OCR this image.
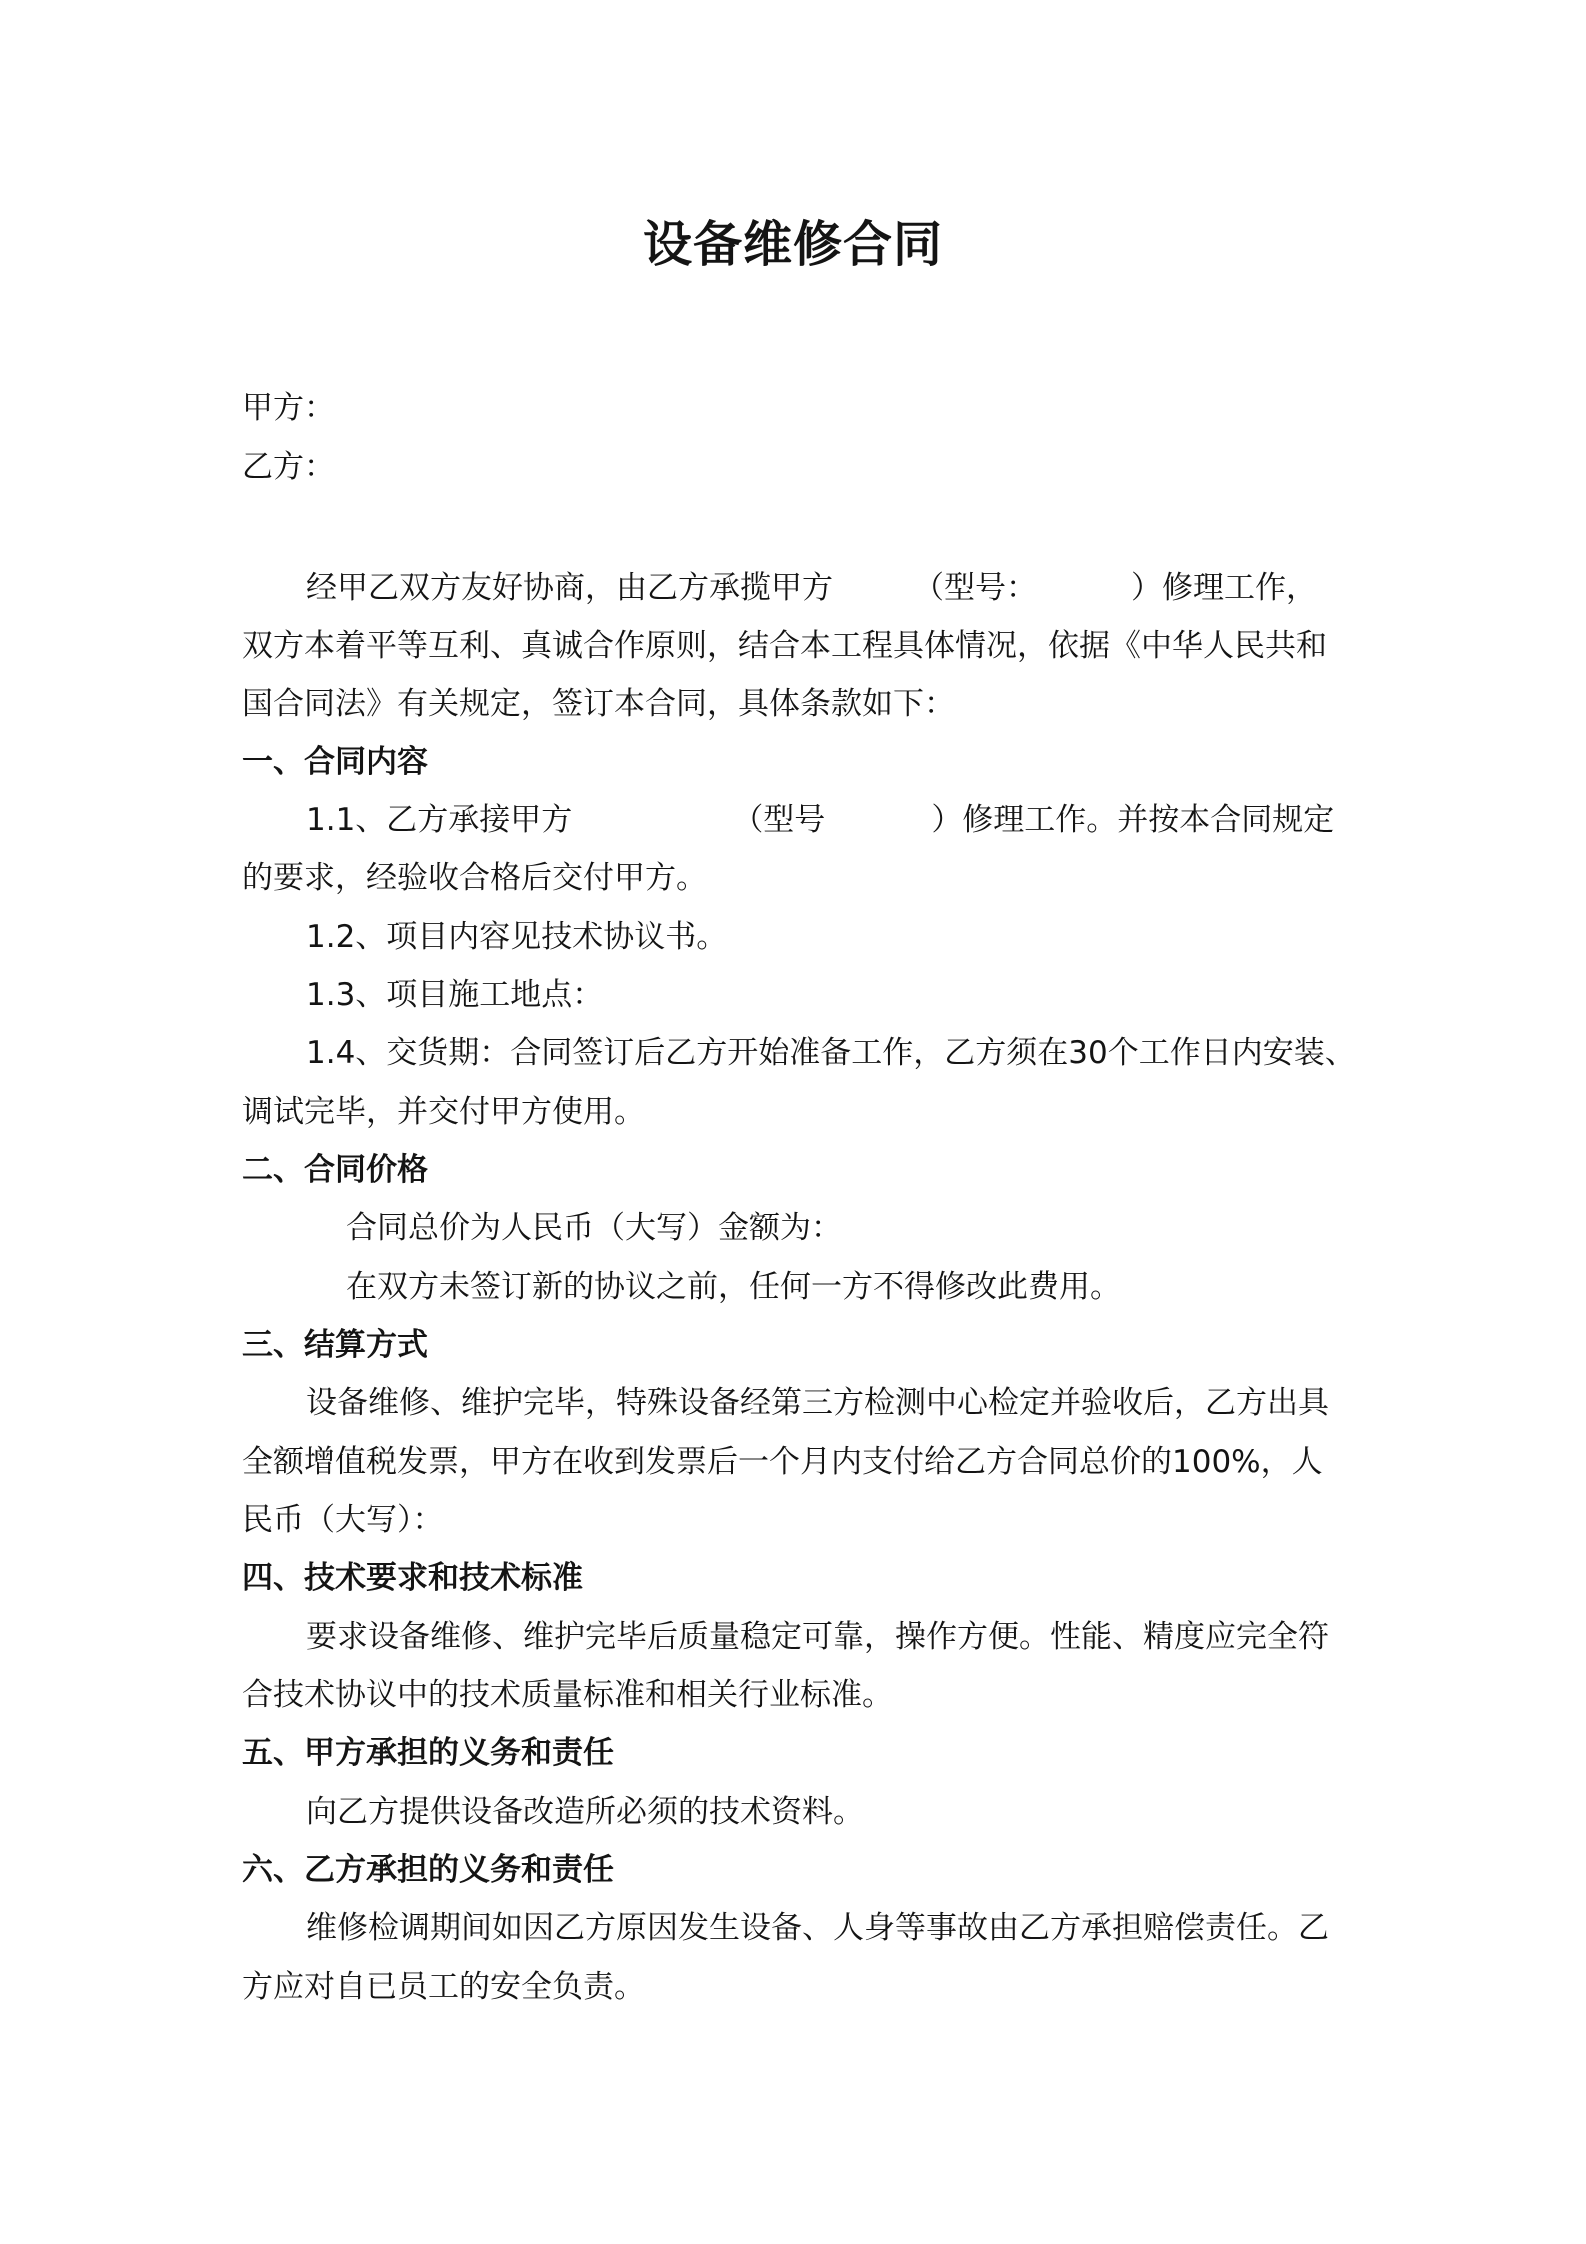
设备维修合同
甲方：
乙方：
经甲乙双方友好协商，由乙方承揽甲方	（型号：	）修理工作，
双方本着平等互利、真诚合作原则，结合本工程具体情况，依据《中华人民共和
国合同法》有关规定，签订本合同，具体条款如下：
一、合同内容
1.1、乙方承接甲方	（型号	）修理工作。并按本合同规定
的要求，经验收合格后交付甲方。
1.2、项目内容见技术协议书。
1.3、项目施工地点：
1.4、交货期：合同签订后乙方开始准备工作，乙方须在30个工作日内安装、
调试完毕，并交付甲方使用。
二、合同价格
合同总价为人民币（大写）金额为：
在双方未签订新的协议之前，任何一方不得修改此费用。
三、结算方式
设备维修、维护完毕，特殊设备经第三方检测中心检定并验收后，乙方出具
全额增值税发票，甲方在收到发票后一个月内支付给乙方合同总价的100%，人
民币（大写）：
四、技术要求和技术标准
要求设备维修、维护完毕后质量稳定可靠，操作方便。性能、精度应完全符
合技术协议中的技术质量标准和相关行业标准。
五、甲方承担的义务和责任
向乙方提供设备改造所必须的技术资料。
六、乙方承担的义务和责任
维修检调期间如因乙方原因发生设备、人身等事故由乙方承担赔偿责任。乙
方应对自已员工的安全负责。
